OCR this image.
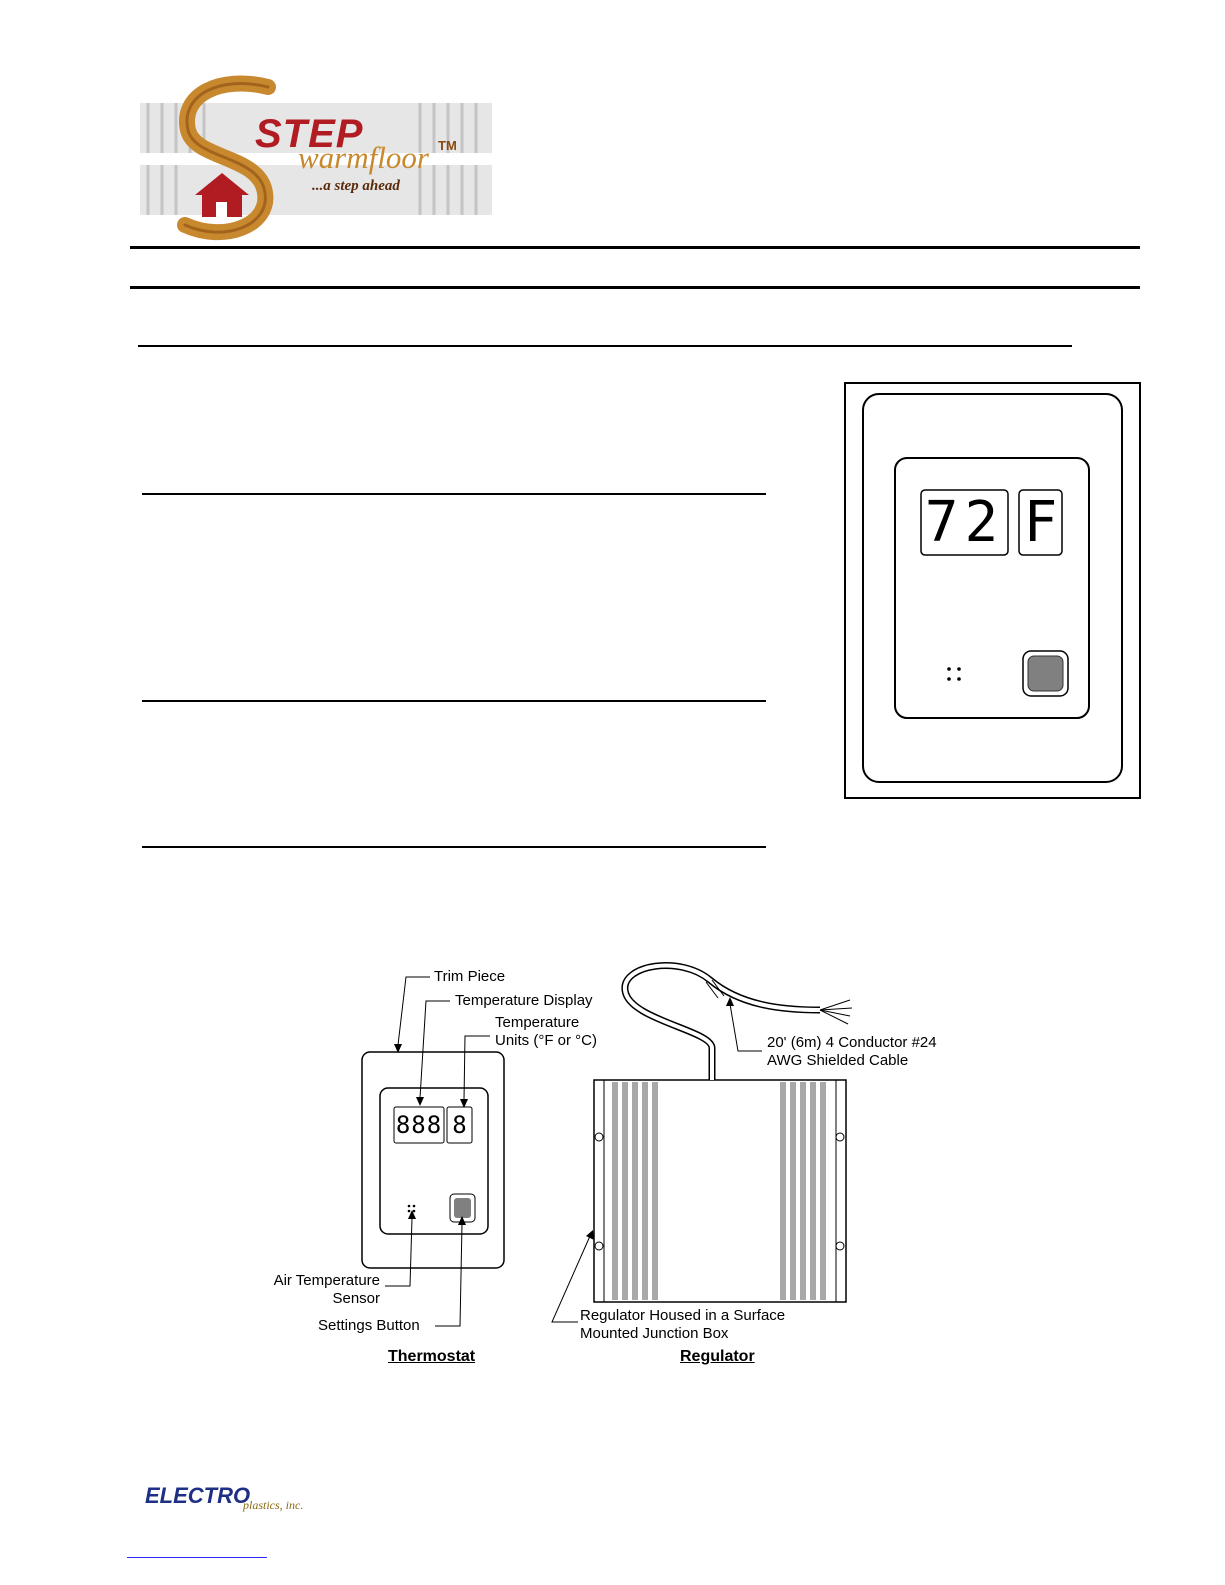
STEP
warmfloor TM
...a step ahead
72 F
Trim Piece
Temperature Display
Temperature
Units (°F or °C)	20' (6m) 4 Conductor #24
AWG Shielded Cable
Air Temperature
Sensor
Settings Button
Regulator Housed in a Surface
Mounted Junction Box
888 8
Thermostat	Regulator
ELECTRO
plastics, inc.
